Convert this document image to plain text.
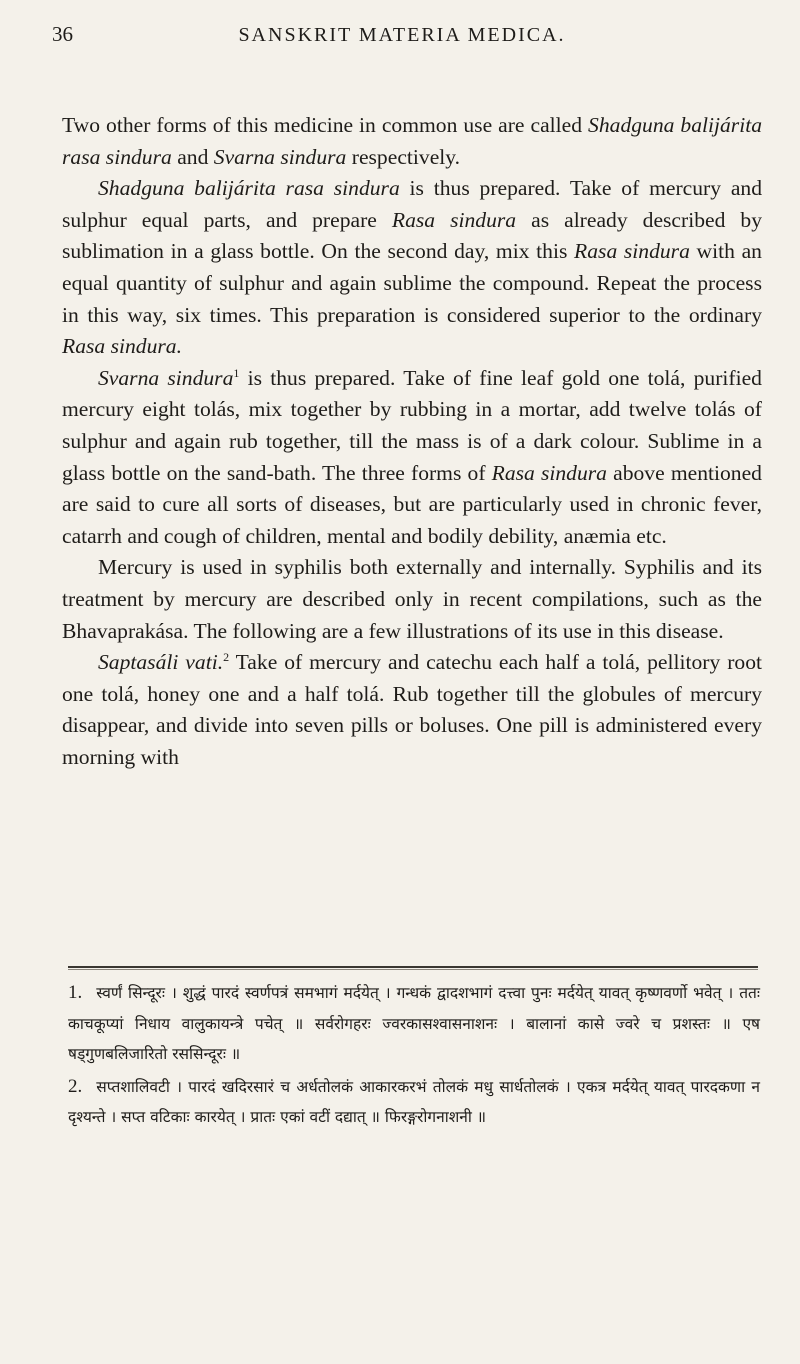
36	SANSKRIT MATERIA MEDICA.

Two other forms of this medicine in common use are called Shadguna balijárita rasa sindura and Svarna sindura respectively.

Shadguna balijárita rasa sindura is thus prepared. Take of mercury and sulphur equal parts, and prepare Rasa sindura as already described by sublimation in a glass bottle. On the second day, mix this Rasa sindura with an equal quantity of sulphur and again sublime the compound. Repeat the process in this way, six times. This preparation is considered superior to the ordinary Rasa sindura.

Svarna sindura$^1$ is thus prepared. Take of fine leaf gold one tolá, purified mercury eight tolás, mix together by rubbing in a mortar, add twelve tolás of sulphur and again rub together, till the mass is of a dark colour. Sublime in a glass bottle on the sand-bath. The three forms of Rasa sindura above mentioned are said to cure all sorts of diseases, but are particularly used in chronic fever, catarrh and cough of children, mental and bodily debility, anæmia etc.

Mercury is used in syphilis both externally and internally. Syphilis and its treatment by mercury are described only in recent compilations, such as the Bhavaprakása. The following are a few illustrations of its use in this disease.

Saptasáli vati.$^2$ Take of mercury and catechu each half a tolá, pellitory root one tolá, honey one and a half tolá. Rub together till the globules of mercury disappear, and divide into seven pills or boluses. One pill is administered every morning with

1. स्वर्णं सिन्दूरः । शुद्धं पारदं स्वर्णपत्रं समभागं मर्दयेत् । गन्धकं द्वादशभागं दत्त्वा पुनः मर्दयेत् यावत् कृष्णवर्णो भवेत् । ततः काचकूप्यां निधाय वालुकायन्त्रे पचेत् ॥ सर्वरोगहरः ज्वरकासश्वासनाशनः । बालानां कासे ज्वरे च प्रशस्तः ॥ एष षड्गुणबलिजारितो रससिन्दूरः ॥

2. सप्तशालिवटी । पारदं खदिरसारं च अर्धतोलकं आकारकरभं तोलकं मधु सार्धतोलकं । एकत्र मर्दयेत् यावत् पारदकणा न दृश्यन्ते । सप्त वटिकाः कारयेत् । प्रातः एकां वटीं दद्यात् ॥ फिरङ्गरोगनाशनी ॥
